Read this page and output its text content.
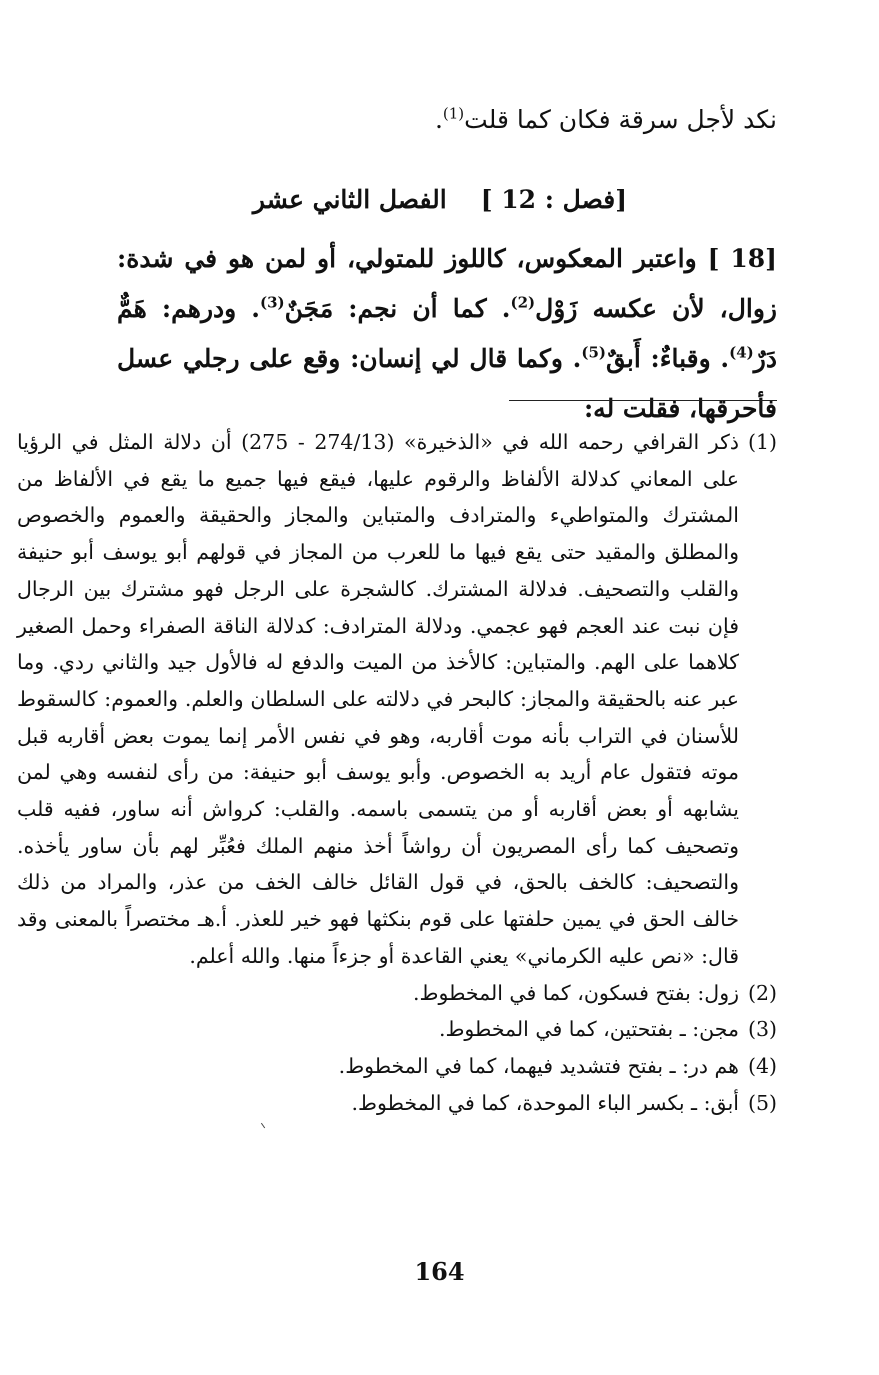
نكد لأجل سرقة فكان كما قلت$^{(1)}$.
[فصل : 12 ]الفصل الثاني عشر
[18 ] واعتبر المعكوس، كاللوز للمتولي، أو لمن هو في شدة: زوال، لأن عكسه زَوْل$^{(2)}$. كما أن نجم: مَجَنٌ$^{(3)}$. ودرهم: هَمٌّ دَرٌ$^{(4)}$. وقباءٌ: أَبقٌ$^{(5)}$. وكما قال لي إنسان: وقع على رجلي عسل فأحرقها، فقلت له:
(1)
ذكر القرافي رحمه الله في «الذخيرة» (274/13 - 275) أن دلالة المثل في الرؤيا على المعاني كدلالة الألفاظ والرقوم عليها، فيقع فيها جميع ما يقع في الألفاظ من المشترك والمتواطيء والمترادف والمتباين والمجاز والحقيقة والعموم والخصوص والمطلق والمقيد حتى يقع فيها ما للعرب من المجاز في قولهم أبو يوسف أبو حنيفة والقلب والتصحيف. فدلالة المشترك. كالشجرة على الرجل فهو مشترك بين الرجال فإن نبت عند العجم فهو عجمي. ودلالة المترادف: كدلالة الناقة الصفراء وحمل الصغير كلاهما على الهم. والمتباين: كالأخذ من الميت والدفع له فالأول جيد والثاني ردي. وما عبر عنه بالحقيقة والمجاز: كالبحر في دلالته على السلطان والعلم. والعموم: كالسقوط للأسنان في التراب بأنه موت أقاربه، وهو في نفس الأمر إنما يموت بعض أقاربه قبل موته فتقول عام أريد به الخصوص. وأبو يوسف أبو حنيفة: من رأى لنفسه وهي لمن يشابهه أو بعض أقاربه أو من يتسمى باسمه. والقلب: كرواش أنه ساور، ففيه قلب وتصحيف كما رأى المصريون أن رواشاً أخذ منهم الملك فعُبِّر لهم بأن ساور يأخذه. والتصحيف: كالخف بالحق، في قول القائل خالف الخف من عذر، والمراد من ذلك خالف الحق في يمين حلفتها على قوم بنكثها فهو خير للعذر. أ.هـ مختصراً بالمعنى وقد قال: «نص عليه الكرماني» يعني القاعدة أو جزءاً منها. والله أعلم.
(2)
زول: بفتح فسكون، كما في المخطوط.
(3)
مجن: ـ بفتحتين، كما في المخطوط.
(4)
هم در: ـ بفتح فتشديد فيهما، كما في المخطوط.
(5)
أبق: ـ بكسر الباء الموحدة، كما في المخطوط.
164
